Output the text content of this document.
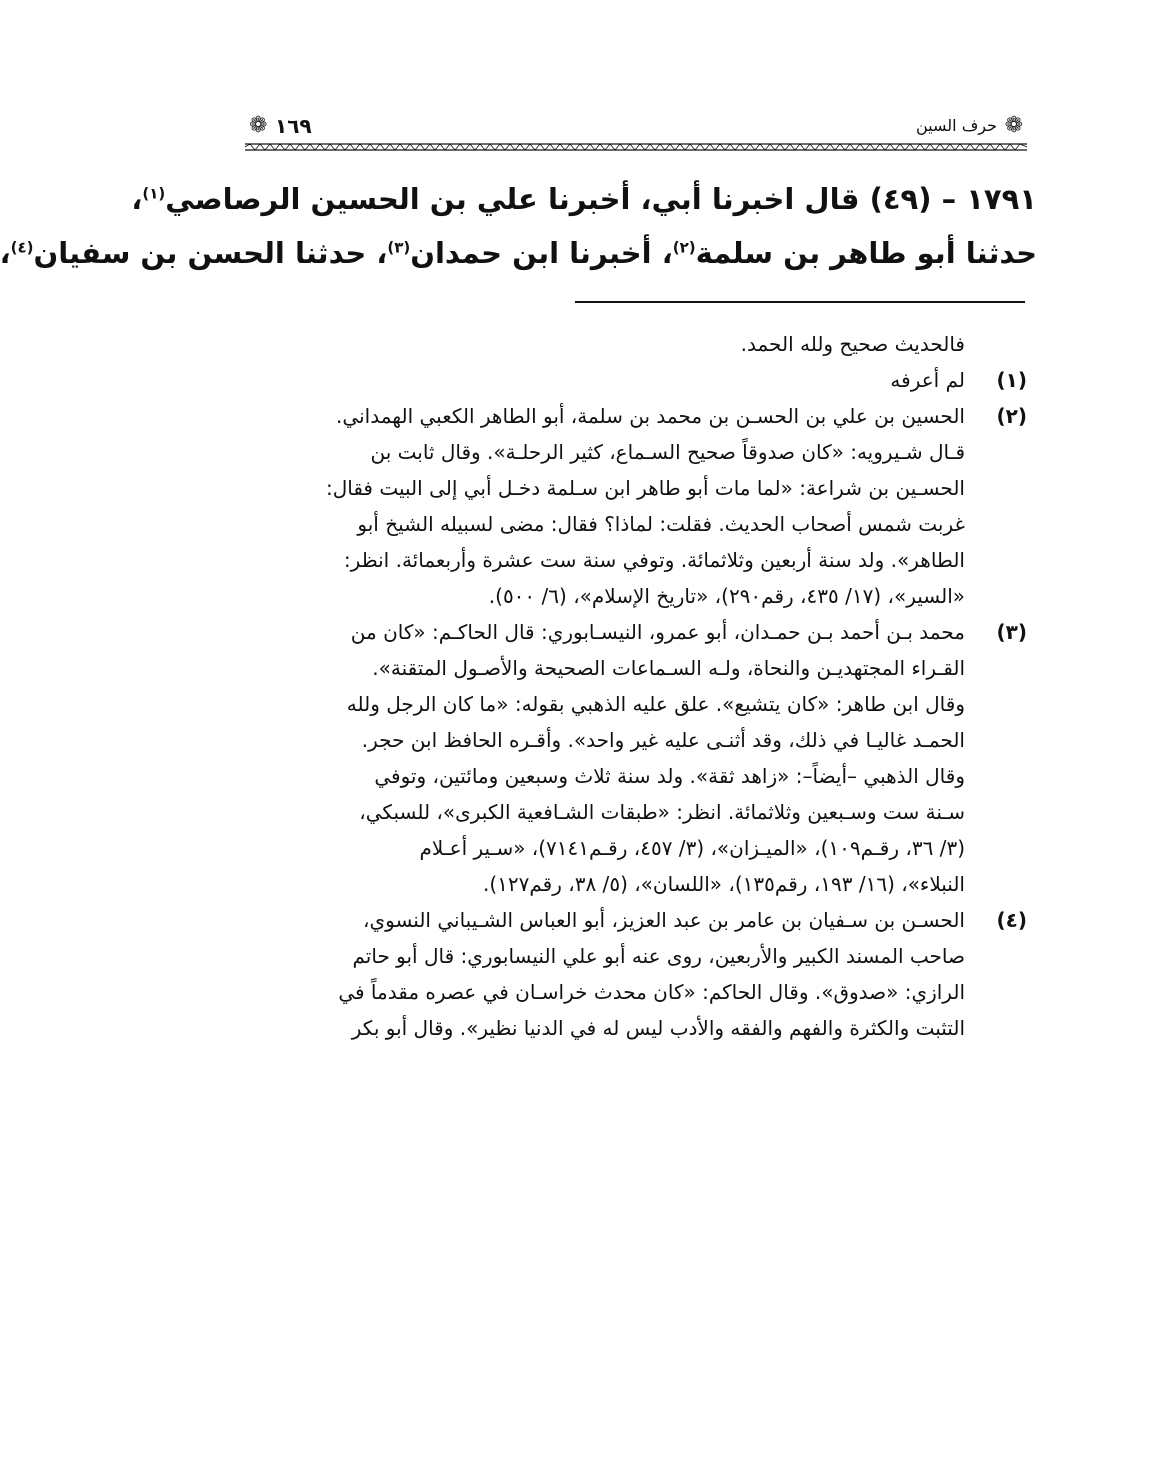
❁
حرف السين
١٦٩
❁
١٧٩١ – (٤٩) قال اخبرنا أبي، أخبرنا علي بن الحسين الرصاصي$^{(١)}$،
حدثنا أبو طاهر بن سلمة$^{(٢)}$، أخبرنا ابن حمدان$^{(٣)}$، حدثنا الحسن بن سفيان$^{(٤)}$،
فالحديث صحيح ولله الحمد.
(١)
لم أعرفه
(٢)
الحسين بن علي بن الحسـن بن محمد بن سلمة، أبو الطاهر الكعبي الهمداني.
قـال شـيرويه: «كان صدوقاً صحيح السـماع، كثير الرحلـة». وقال ثابت بن
الحسـين بن شراعة: «لما مات أبو طاهر ابن سـلمة دخـل أبي إلى البيت فقال:
غربت شمس أصحاب الحديث. فقلت: لماذا؟ فقال: مضى لسبيله الشيخ أبو
الطاهر». ولد سنة أربعين وثلاثمائة. وتوفي سنة ست عشرة وأربعمائة. انظر:
«السير»، (١٧/ ٤٣٥، رقم٢٩٠)، «تاريخ الإسلام»، (٦/ ٥٠٠).
(٣)
محمد بـن أحمد بـن حمـدان، أبو عمرو، النيسـابوري: قال الحاكـم: «كان من
القـراء المجتهديـن والنحاة، ولـه السـماعات الصحيحة والأصـول المتقنة».
وقال ابن طاهر: «كان يتشيع». علق عليه الذهبي بقوله: «ما كان الرجل ولله
الحمـد غاليـا في ذلك، وقد أثنـى عليه غير واحد». وأقـره الحافظ ابن حجر.
وقال الذهبي –أيضاً–: «زاهد ثقة». ولد سنة ثلاث وسبعين ومائتين، وتوفي
سـنة ست وسـبعين وثلاثمائة. انظر: «طبقات الشـافعية الكبرى»، للسبكي،
(٣/ ٣٦، رقـم١٠٩)، «الميـزان»، (٣/ ٤٥٧، رقـم٧١٤١)، «سـير أعـلام
النبلاء»، (١٦/ ١٩٣، رقم١٣٥)، «اللسان»، (٥/ ٣٨، رقم١٢٧).
(٤)
الحسـن بن سـفيان بن عامر بن عبد العزيز، أبو العباس الشـيباني النسوي،
صاحب المسند الكبير والأربعين، روى عنه أبو علي النيسابوري: قال أبو حاتم
الرازي: «صدوق». وقال الحاكم: «كان محدث خراسـان في عصره مقدماً في
التثبت والكثرة والفهم والفقه والأدب ليس له في الدنيا نظير». وقال أبو بكر
